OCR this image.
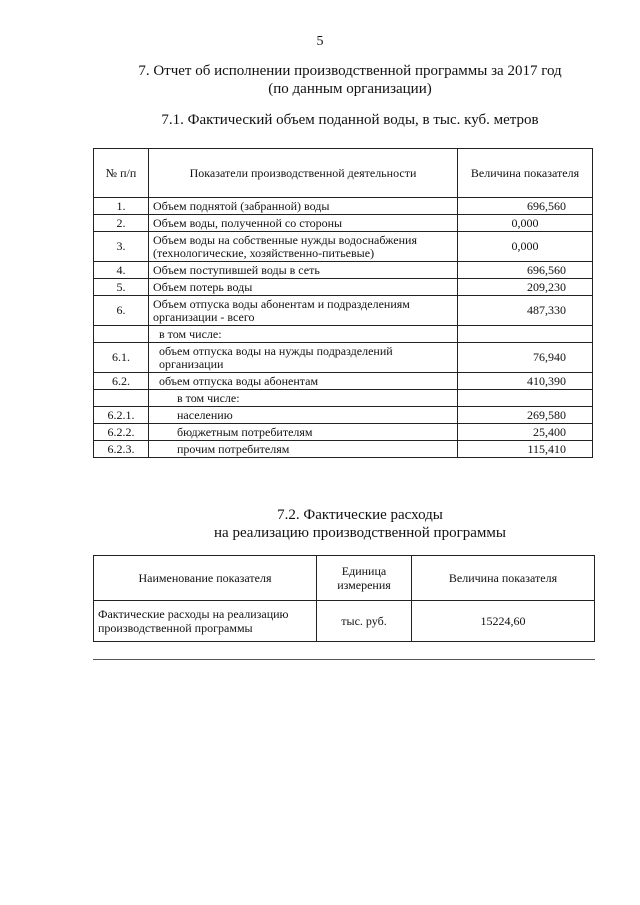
5
7. Отчет об исполнении производственной программы за 2017 год
(по данным организации)
7.1. Фактический объем поданной воды, в тыс. куб. метров
№ п/п	Показатели производственной деятельности	Величина показателя
1.	Объем поднятой (забранной) воды	696,560
2.	Объем воды, полученной со стороны	0,000
3.	Объем воды на собственные нужды водоснабжения (технологические, хозяйственно-питьевые)	0,000
4.	Объем поступившей воды в сеть	696,560
5.	Объем потерь воды	209,230
6.	Объем отпуска воды абонентам и подразделениям организации - всего	487,330
	в том числе:	
6.1.	объем отпуска воды на нужды подразделений организации	76,940
6.2.	объем отпуска воды абонентам	410,390
	в том числе:	
6.2.1.	населению	269,580
6.2.2.	бюджетным потребителям	25,400
6.2.3.	прочим потребителям	115,410
7.2. Фактические расходы
на реализацию производственной программы
Наименование показателя	Единица измерения	Величина показателя
Фактические расходы на реализацию производственной программы	тыс. руб.	15224,60
